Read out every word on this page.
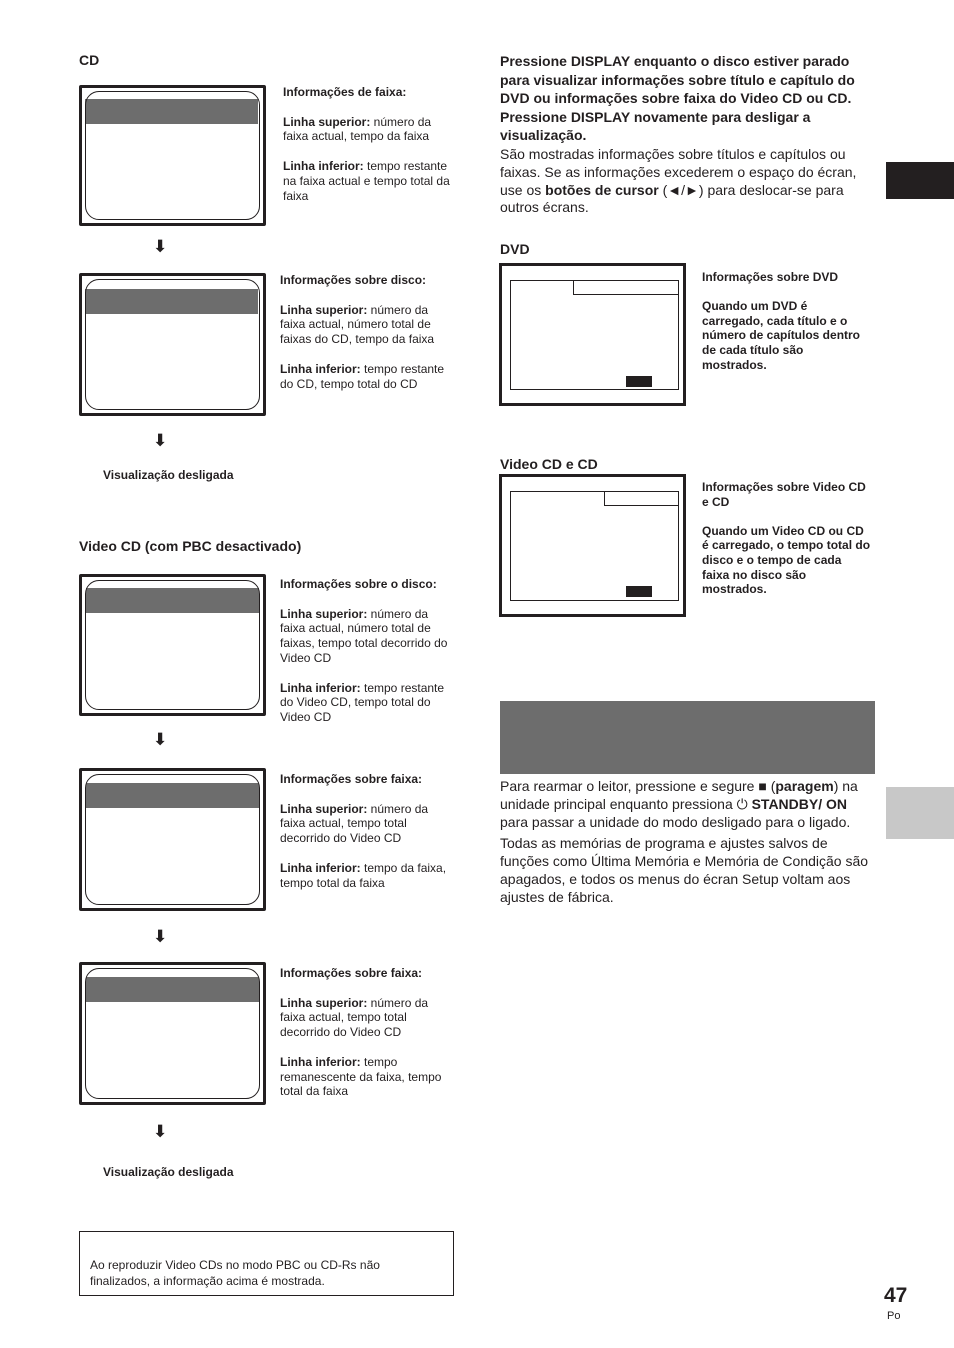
CD

Informações de faixa:

Linha superior: número da faixa actual, tempo da faixa

Linha inferior: tempo restante na faixa actual e tempo total da faixa

⬇

Informações sobre disco:

Linha superior: número da faixa actual, número total de faixas do CD, tempo da faixa

Linha inferior: tempo restante do CD, tempo total do CD

⬇
Visualização desligada
Video CD (com PBC desactivado)

Informações sobre o disco:

Linha superior: número da faixa actual, número total de faixas, tempo total decorrido do Video CD

Linha inferior: tempo restante do Video CD, tempo total do Video CD

⬇

Informações sobre faixa:

Linha superior: número da faixa actual, tempo total decorrido do Video CD

Linha inferior: tempo da faixa, tempo total da faixa

⬇

Informações sobre faixa:

Linha superior: número da faixa actual, tempo total decorrido do Video CD

Linha inferior: tempo remanescente da faixa, tempo total da faixa

⬇
Visualização desligada
Ao reproduzir Video CDs no modo PBC ou CD-Rs não finalizados, a informação acima é mostrada.
Pressione DISPLAY enquanto o disco estiver parado para visualizar informações sobre título e capítulo do DVD ou informações sobre faixa do Video CD ou CD.
Pressione DISPLAY novamente para desligar a visualização.
São mostradas informações sobre títulos e capítulos ou faixas. Se as informações excederem o espaço do écran, use os botões de cursor (◄/►) para deslocar-se para outros écrans.
DVD

Informações sobre DVD

Quando um DVD é carregado, cada título e o número de capítulos dentro de cada título são mostrados.

Video CD e CD

Informações sobre Video CD e CD

Quando um Video CD ou CD é carregado, o tempo total do disco e o tempo de cada faixa no disco são mostrados.

Para rearmar o leitor, pressione e segure ■ (paragem) na unidade principal enquanto pressiona ⏻ STANDBY/ ON para passar a unidade do modo desligado para o ligado.

Todas as memórias de programa e ajustes salvos de funções como Última Memória e Memória de Condição são apagados, e todos os menus do écran Setup voltam aos ajustes de fábrica.

47
Po
